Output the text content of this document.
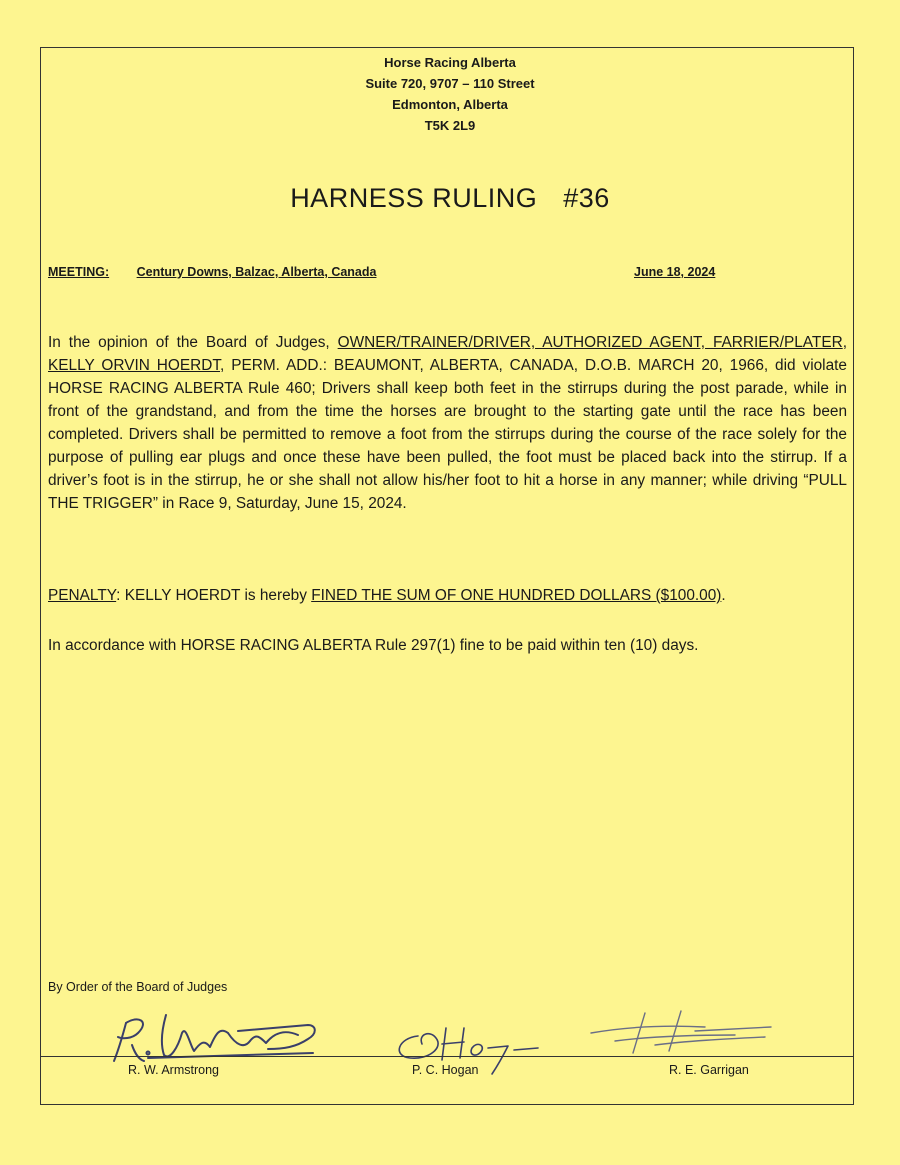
Horse Racing Alberta
Suite 720, 9707 – 110 Street
Edmonton, Alberta
T5K 2L9
HARNESS RULING #36
MEETING: Century Downs, Balzac, Alberta, Canada	June 18, 2024
In the opinion of the Board of Judges, OWNER/TRAINER/DRIVER, AUTHORIZED AGENT, FARRIER/PLATER, KELLY ORVIN HOERDT, PERM. ADD.: BEAUMONT, ALBERTA, CANADA, D.O.B. MARCH 20, 1966, did violate HORSE RACING ALBERTA Rule 460; Drivers shall keep both feet in the stirrups during the post parade, while in front of the grandstand, and from the time the horses are brought to the starting gate until the race has been completed. Drivers shall be permitted to remove a foot from the stirrups during the course of the race solely for the purpose of pulling ear plugs and once these have been pulled, the foot must be placed back into the stirrup. If a driver’s foot is in the stirrup, he or she shall not allow his/her foot to hit a horse in any manner; while driving “PULL THE TRIGGER” in Race 9, Saturday, June 15, 2024.
PENALTY: KELLY HOERDT is hereby FINED THE SUM OF ONE HUNDRED DOLLARS ($100.00).
In accordance with HORSE RACING ALBERTA Rule 297(1) fine to be paid within ten (10) days.
By Order of the Board of Judges
R. W. Armstrong	P. C. Hogan	R. E. Garrigan
